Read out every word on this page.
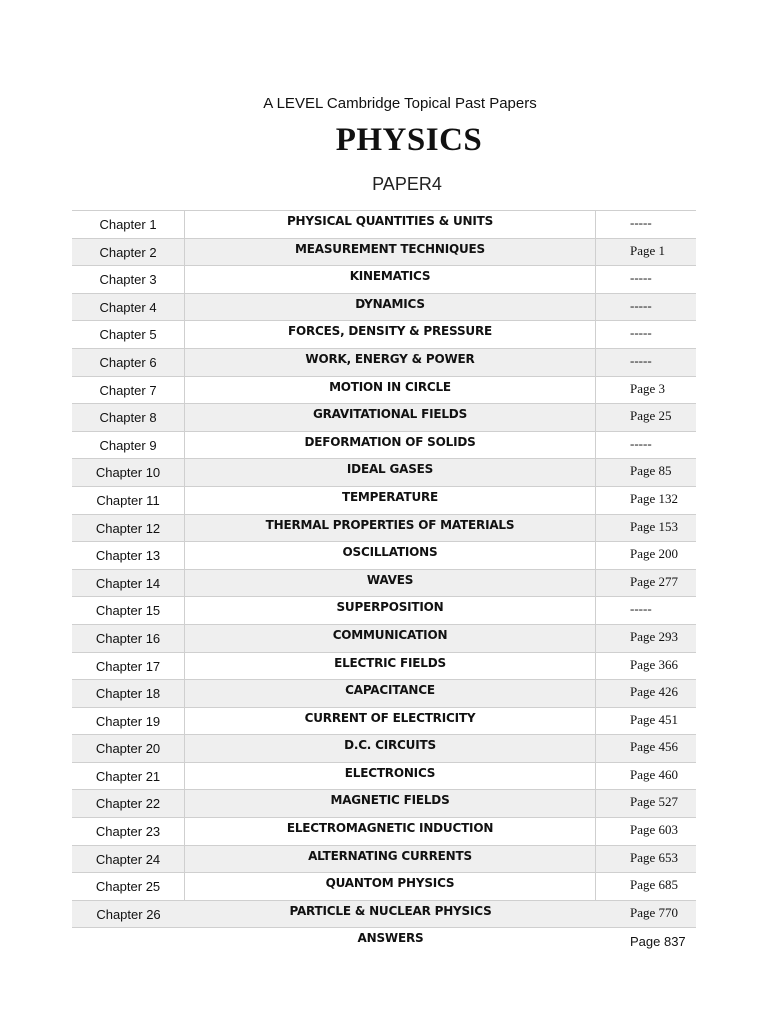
A LEVEL Cambridge Topical Past Papers
PHYSICS
PAPER4
Chapter 1	PHYSICAL QUANTITIES & UNITS	-----
Chapter 2	MEASUREMENT TECHNIQUES	Page 1
Chapter 3	KINEMATICS	-----
Chapter 4	DYNAMICS	-----
Chapter 5	FORCES, DENSITY & PRESSURE	-----
Chapter 6	WORK, ENERGY & POWER	-----
Chapter 7	MOTION IN CIRCLE	Page 3
Chapter 8	GRAVITATIONAL FIELDS	Page 25
Chapter 9	DEFORMATION OF SOLIDS	-----
Chapter 10	IDEAL GASES	Page 85
Chapter 11	TEMPERATURE	Page 132
Chapter 12	THERMAL PROPERTIES OF MATERIALS	Page 153
Chapter 13	OSCILLATIONS	Page 200
Chapter 14	WAVES	Page 277
Chapter 15	SUPERPOSITION	-----
Chapter 16	COMMUNICATION	Page 293
Chapter 17	ELECTRIC FIELDS	Page 366
Chapter 18	CAPACITANCE	Page 426
Chapter 19	CURRENT OF ELECTRICITY	Page 451
Chapter 20	D.C. CIRCUITS	Page 456
Chapter 21	ELECTRONICS	Page 460
Chapter 22	MAGNETIC FIELDS	Page 527
Chapter 23	ELECTROMAGNETIC INDUCTION	Page 603
Chapter 24	ALTERNATING CURRENTS	Page 653
Chapter 25	QUANTOM PHYSICS	Page 685
Chapter 26	PARTICLE & NUCLEAR PHYSICS	Page 770
ANSWERS	Page 837
